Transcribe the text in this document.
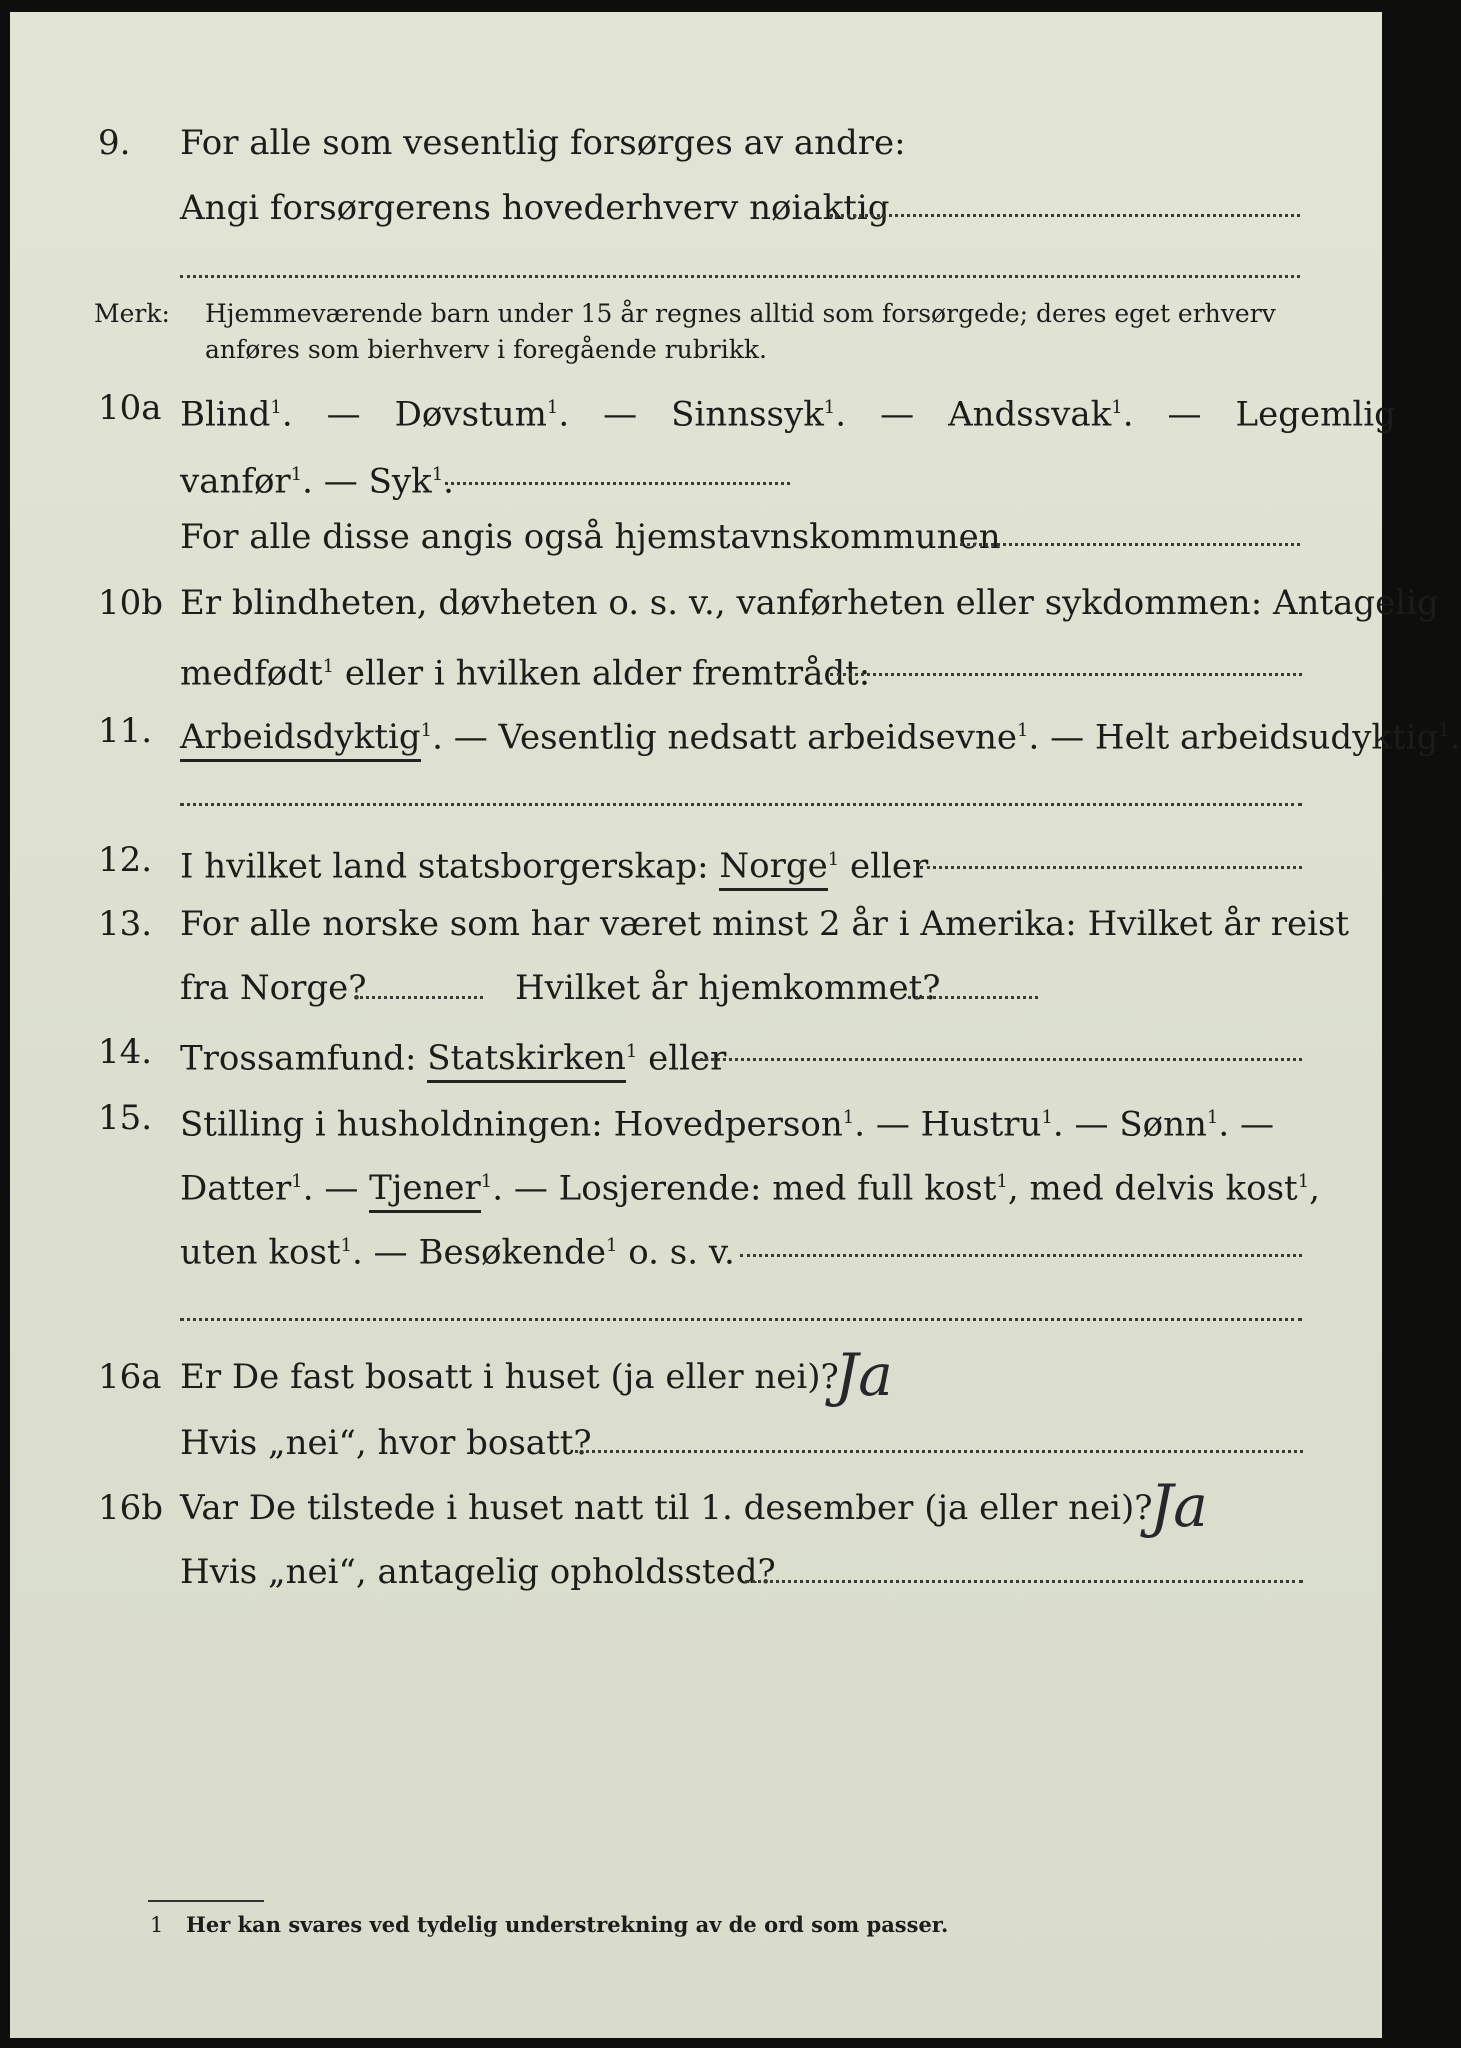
9. For alle som vesentlig forsørges av andre:
Angi forsørgerens hovederhverv nøiaktig
Merk: Hjemmeværende barn under 15 år regnes alltid som forsørgede; deres eget erhverv
anføres som bierhverv i foregående rubrikk.
10a Blind$^1$. — Døvstum$^1$. — Sinnssyk$^1$. — Andssvak$^1$. — Legemlig
vanfør$^1$. — Syk$^1$.
For alle disse angis også hjemstavnskommunen
10b Er blindheten, døvheten o. s. v., vanførheten eller sykdommen: Antagelig
medfødt$^1$ eller i hvilken alder fremtrådt:
11. Arbeidsdyktig$^1$. — Vesentlig nedsatt arbeidsevne$^1$. — Helt arbeidsudyktig$^1$.
12. I hvilket land statsborgerskap: Norge$^1$ eller
13. For alle norske som har været minst 2 år i Amerika: Hvilket år reist
fra Norge?	Hvilket år hjemkommet?
14. Trossamfund: Statskirken$^1$ eller
15. Stilling i husholdningen: Hovedperson$^1$. — Hustru$^1$. — Sønn$^1$. —
Datter$^1$. — Tjener$^1$. — Losjerende: med full kost$^1$, med delvis kost$^1$,
uten kost$^1$. — Besøkende$^1$ o. s. v.
16a Er De fast bosatt i huset (ja eller nei)?
Ja
Hvis „nei“, hvor bosatt?
16b Var De tilstede i huset natt til 1. desember (ja eller nei)?
Ja
Hvis „nei“, antagelig opholdssted?
1 Her kan svares ved tydelig understrekning av de ord som passer.
